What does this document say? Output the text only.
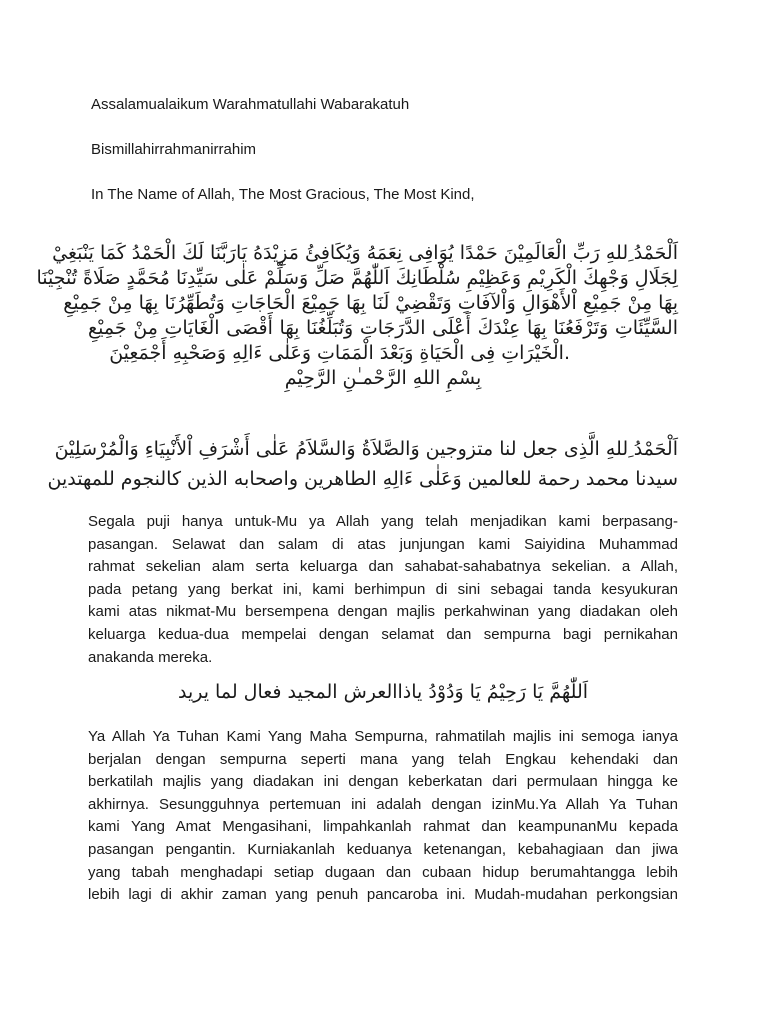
Assalamualaikum Warahmatullahi Wabarakatuh
Bismillahirrahmanirrahim
In The Name of Allah, The Most Gracious, The Most Kind,
اَلْحَمْدُ ِللهِ رَبِّ الْعَالَمِيْنَ حَمْدًا يُوَافِى نِعَمَهُ وَيُكَافِئُ مَزِيْدَهُ يَارَبَّنَا لَكَ الْحَمْدُ كَمَا يَنْبَغِيْ
لِجَلَالِ وَجْهِكَ الْكَرِيْمِ وَعَظِيْمِ سُلْطَانِكَ اَللّٰهُمَّ صَلِّ وَسَلِّمْ عَلٰى سَيِّدِنَا مُحَمَّدٍ صَلَاةً تُنْجِيْنَا
بِهَا مِنْ جَمِيْعِ اْلأَهْوَالِ وَاْلآفَاتِ وَتَقْضِيْ لَنَا بِهَا جَمِيْعَ الْحَاجَاتِ وَتُطَهِّرُنَا بِهَا مِنْ جَمِيْعِ
السَّيِّئَاتِ وَتَرْفَعُنَا بِهَا عِنْدَكَ أَعْلَى الدَّرَجَاتِ وَتُبَلِّغُنَا بِهَا أَقْصَى الْغَايَاتِ مِنْ جَمِيْعِ
.الْخَيْرَاتِ فِى الْحَيَاةِ وَبَعْدَ الْمَمَاتِ وَعَلٰى ءَالِهِ وَصَحْبِهِ أَجْمَعِيْنَ
بِسْمِ اللهِ الرَّحْمـٰنِ الرَّحِيْمِ
اَلْحَمْدُ ِللهِ الَّذِى جعل لنا متزوجين وَالصَّلاَةُ وَالسَّلاَمُ عَلٰى أَشْرَفِ اْلأَنْبِيَاءِ وَالْمُرْسَلِيْنَ
سيدنا محمد رحمة للعالمين وَعَلٰى ءَالِهِ الطاهرين واصحابه الذين كالنجوم للمهتدين
Segala puji hanya untuk-Mu ya Allah yang telah menjadikan kami berpasang-
pasangan. Selawat dan salam di atas junjungan kami Saiyidina Muhammad
rahmat sekelian alam serta keluarga dan sahabat-sahabatnya sekelian. a Allah,
pada petang yang berkat ini, kami berhimpun di sini sebagai tanda kesyukuran
kami atas nikmat-Mu bersempena dengan majlis perkahwinan yang diadakan oleh
keluarga kedua-dua mempelai dengan selamat dan sempurna bagi pernikahan
anakanda mereka.
اَللّٰهُمَّ يَا رَحِيْمُ يَا وَدُوْدُ ياذاالعرش المجيد فعال لما يريد
Ya Allah Ya Tuhan Kami Yang Maha Sempurna, rahmatilah majlis ini semoga ianya
berjalan dengan sempurna seperti mana yang telah Engkau kehendaki dan
berkatilah majlis yang diadakan ini dengan keberkatan dari permulaan hingga ke
akhirnya. Sesungguhnya pertemuan ini adalah dengan izinMu.Ya Allah Ya Tuhan
kami Yang Amat Mengasihani, limpahkanlah rahmat dan keampunanMu kepada
pasangan pengantin. Kurniakanlah keduanya ketenangan, kebahagiaan dan jiwa
yang tabah menghadapi setiap dugaan dan cubaan hidup berumahtangga lebih
lebih lagi di akhir zaman yang penuh pancaroba ini. Mudah-mudahan perkongsian
